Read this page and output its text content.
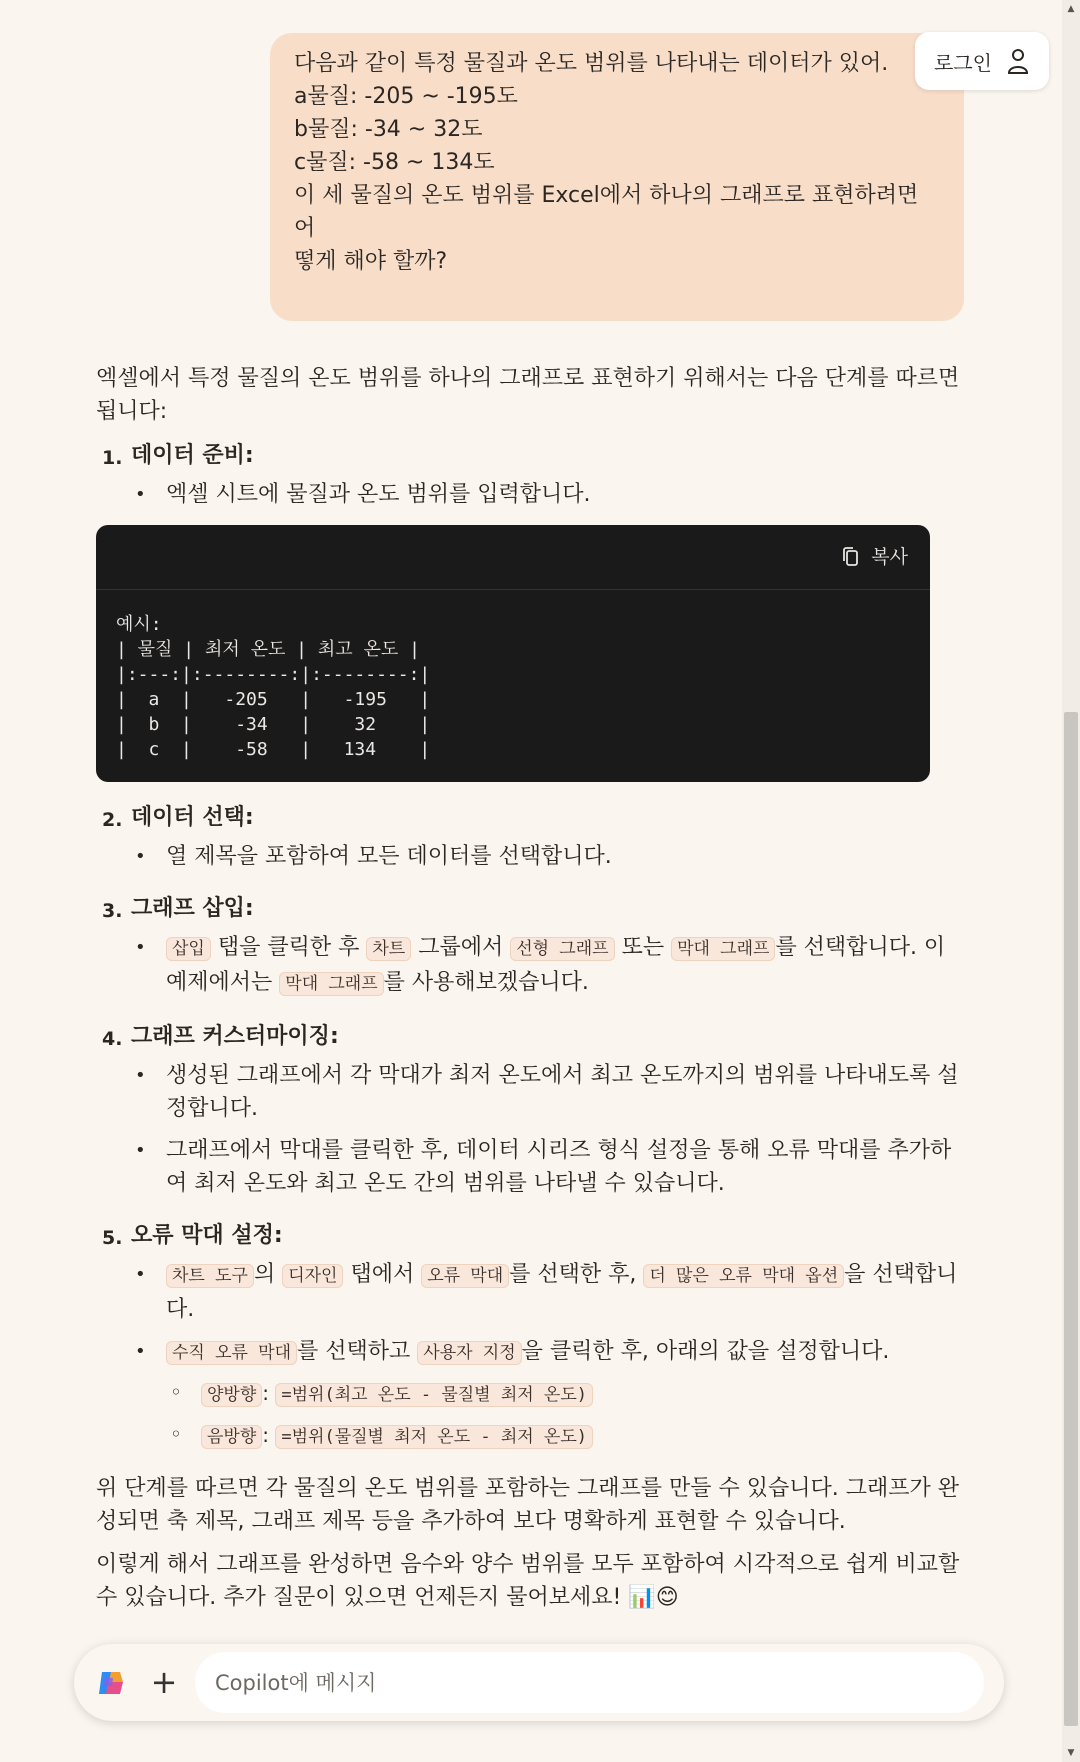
▲
▼

다음과 같이 특정 물질과 온도 범위를 나타내는 데이터가 있어.

a물질: -205 ~ -195도

b물질: -34 ~ 32도

c물질: -58 ~ 134도

이 세 물질의 온도 범위를 Excel에서 하나의 그래프로 표현하려면 어

떻게 해야 할까?

로그인

엑셀에서 특정 물질의 온도 범위를 하나의 그래프로 표현하기 위해서는 다음 단계를 따르면 됩니다:

1. 데이터 준비:
• 엑셀 시트에 물질과 온도 범위를 입력합니다.
복사
예시:
| 물질 | 최저 온도 | 최고 온도 |
|:---:|:--------:|:--------:|
|  a  |   -205   |   -195   |
|  b  |    -34   |    32    |
|  c  |    -58   |   134    |
2. 데이터 선택:
• 열 제목을 포함하여 모든 데이터를 선택합니다.
3. 그래프 삽입:
• 삽입 탭을 클릭한 후 차트 그룹에서 선형 그래프 또는 막대 그래프 를 선택합니다. 이 예제에서는 막대 그래프 를 사용해보겠습니다.
4. 그래프 커스터마이징:
• 생성된 그래프에서 각 막대가 최저 온도에서 최고 온도까지의 범위를 나타내도록 설정합니다.
• 그래프에서 막대를 클릭한 후, 데이터 시리즈 형식 설정을 통해 오류 막대를 추가하여 최저 온도와 최고 온도 간의 범위를 나타낼 수 있습니다.
5. 오류 막대 설정:
• 차트 도구 의 디자인 탭에서 오류 막대 를 선택한 후, 더 많은 오류 막대 옵션 을 선택합니다.
• 수직 오류 막대 를 선택하고 사용자 지정 을 클릭한 후, 아래의 값을 설정합니다.
◦ 양방향 : =범위(최고 온도 - 물질별 최저 온도)
◦ 음방향 : =범위(물질별 최저 온도 - 최저 온도)

위 단계를 따르면 각 물질의 온도 범위를 포함하는 그래프를 만들 수 있습니다. 그래프가 완성되면 축 제목, 그래프 제목 등을 추가하여 보다 명확하게 표현할 수 있습니다.

이렇게 해서 그래프를 완성하면 음수와 양수 범위를 모두 포함하여 시각적으로 쉽게 비교할 수 있습니다. 추가 질문이 있으면 언제든지 물어보세요! 📊😊

+
Copilot에 메시지
